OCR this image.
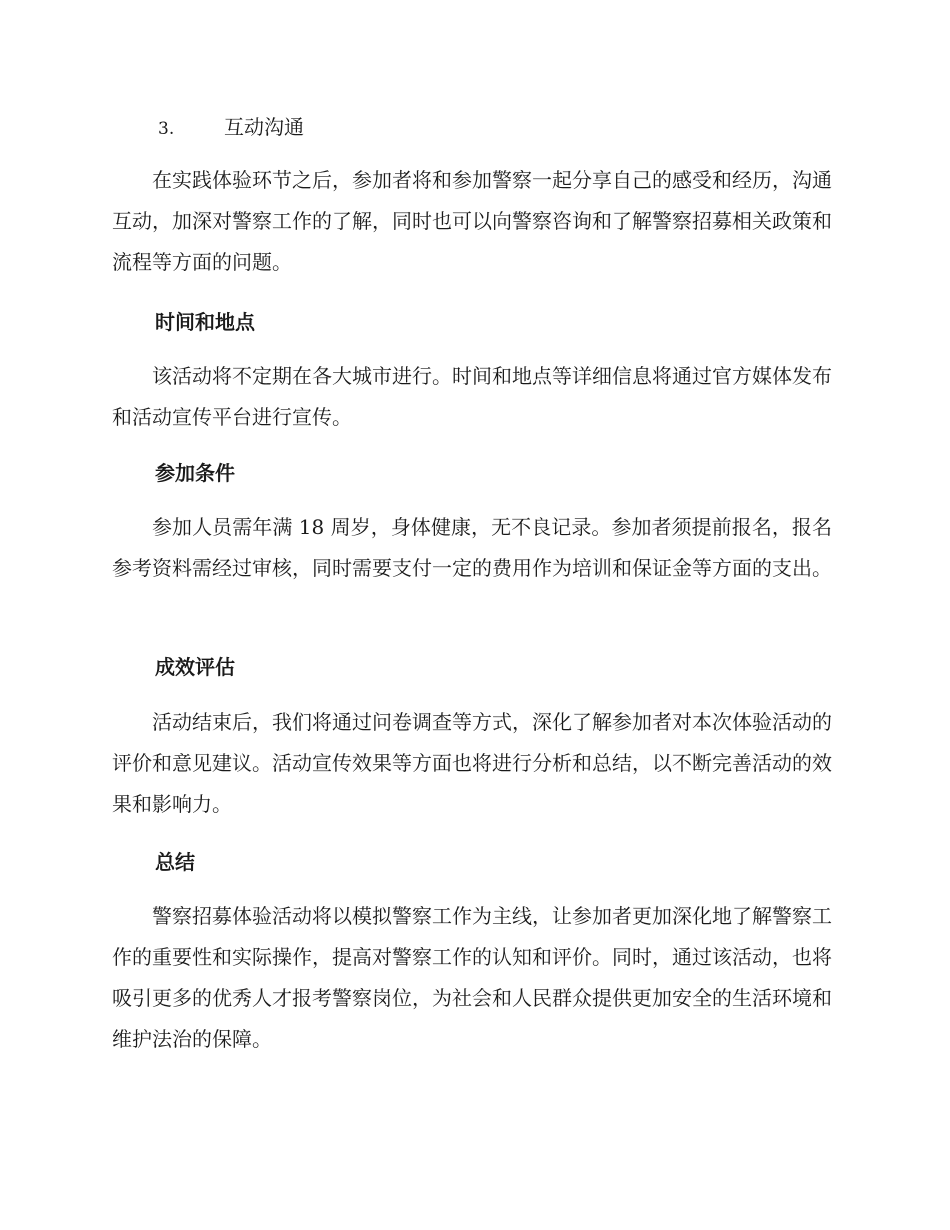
3. 互动沟通

在实践体验环节之后，参加者将和参加警察一起分享自己的感受和经历，沟通互动，加深对警察工作的了解，同时也可以向警察咨询和了解警察招募相关政策和流程等方面的问题。

时间和地点

该活动将不定期在各大城市进行。时间和地点等详细信息将通过官方媒体发布和活动宣传平台进行宣传。

参加条件

参加人员需年满 18 周岁，身体健康，无不良记录。参加者须提前报名，报名参考资料需经过审核，同时需要支付一定的费用作为培训和保证金等方面的支出。

成效评估

活动结束后，我们将通过问卷调查等方式，深化了解参加者对本次体验活动的评价和意见建议。活动宣传效果等方面也将进行分析和总结，以不断完善活动的效果和影响力。

总结

警察招募体验活动将以模拟警察工作为主线，让参加者更加深化地了解警察工作的重要性和实际操作，提高对警察工作的认知和评价。同时，通过该活动，也将吸引更多的优秀人才报考警察岗位，为社会和人民群众提供更加安全的生活环境和维护法治的保障。
